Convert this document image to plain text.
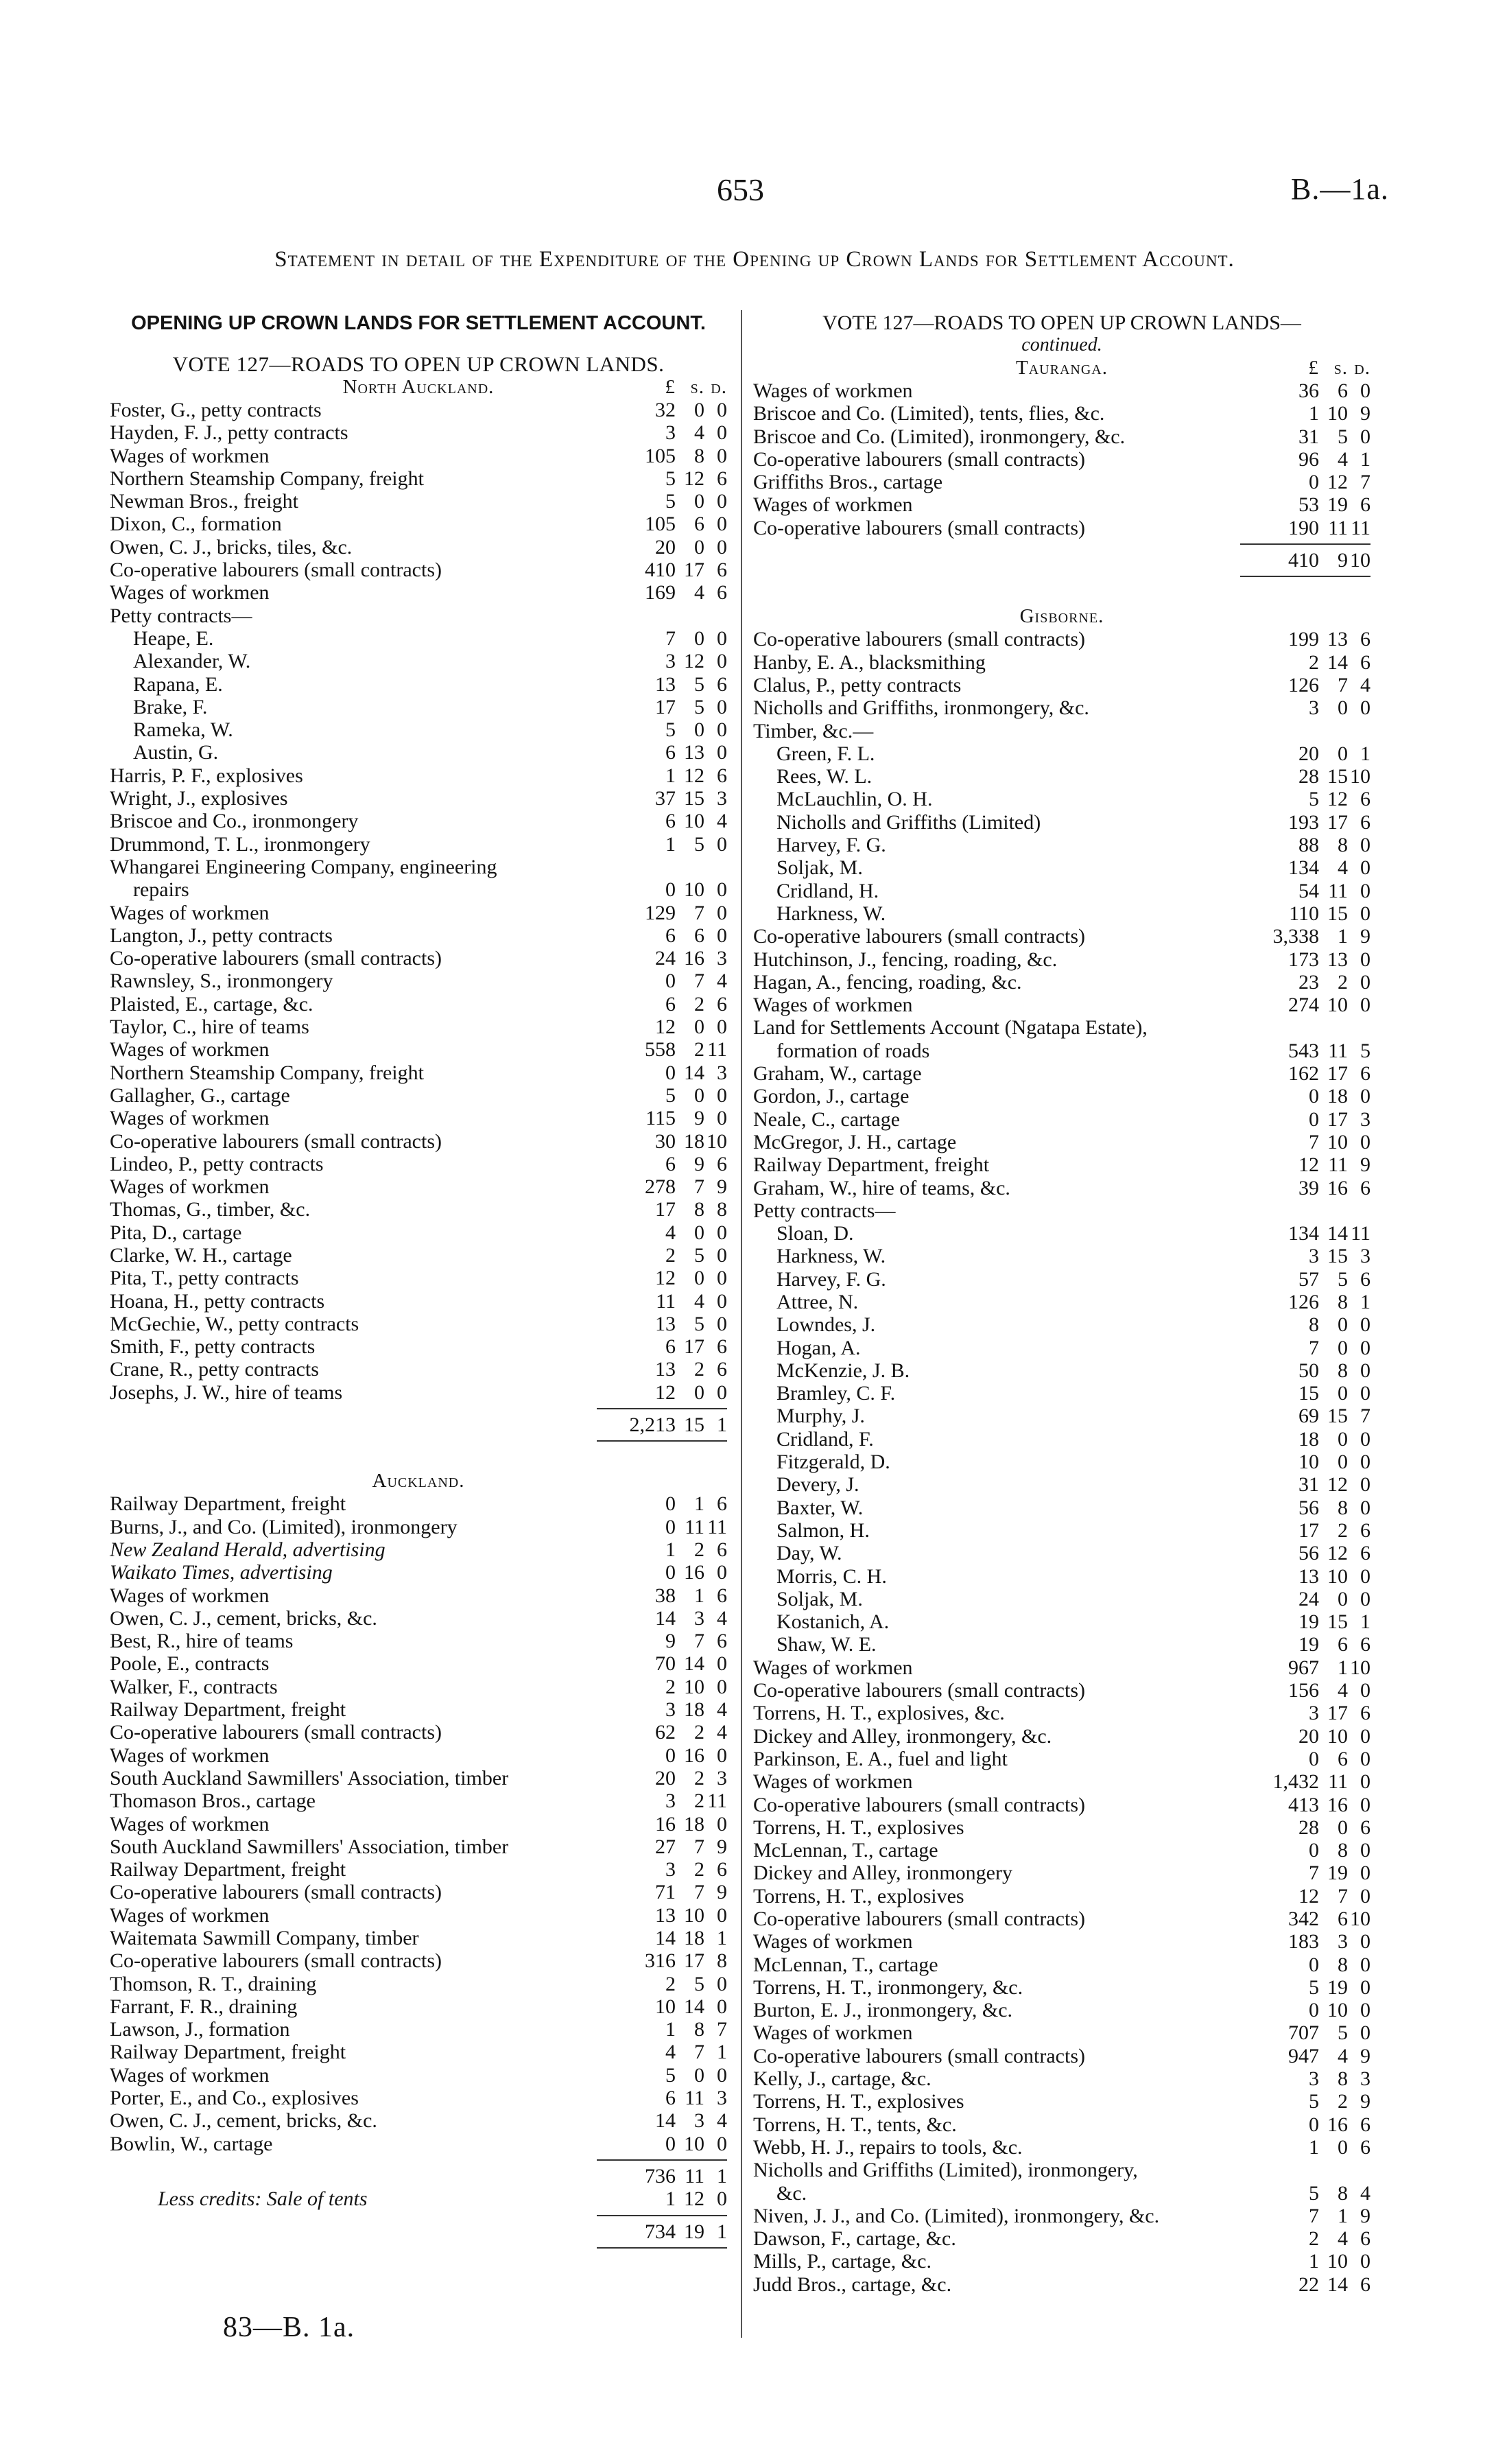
653	B.—1a.
Statement in detail of the Expenditure of the Opening up Crown Lands for Settlement Account.
OPENING UP CROWN LANDS FOR SETTLEMENT ACCOUNT.
VOTE 127—ROADS TO OPEN UP CROWN LANDS.
North Auckland.	£ s. d.
Foster, G., petty contracts	32 0 0
Hayden, F. J., petty contracts	3 4 0
Wages of workmen	105 8 0
Northern Steamship Company, freight	5 12 6
Newman Bros., freight	5 0 0
Dixon, C., formation	105 6 0
Owen, C. J., bricks, tiles, &c.	20 0 0
Co-operative labourers (small contracts)	410 17 6
Wages of workmen	169 4 6
Petty contracts—
Heape, E.	7 0 0
Alexander, W.	3 12 0
Rapana, E.	13 5 6
Brake, F.	17 5 0
Rameka, W.	5 0 0
Austin, G.	6 13 0
Harris, P. F., explosives	1 12 6
Wright, J., explosives	37 15 3
Briscoe and Co., ironmongery	6 10 4
Drummond, T. L., ironmongery	1 5 0
Whangarei Engineering Company, engineering
repairs	0 10 0
Wages of workmen	129 7 0
Langton, J., petty contracts	6 6 0
Co-operative labourers (small contracts)	24 16 3
Rawnsley, S., ironmongery	0 7 4
Plaisted, E., cartage, &c.	6 2 6
Taylor, C., hire of teams	12 0 0
Wages of workmen	558 2 11
Northern Steamship Company, freight	0 14 3
Gallagher, G., cartage	5 0 0
Wages of workmen	115 9 0
Co-operative labourers (small contracts)	30 18 10
Lindeo, P., petty contracts	6 9 6
Wages of workmen	278 7 9
Thomas, G., timber, &c.	17 8 8
Pita, D., cartage	4 0 0
Clarke, W. H., cartage	2 5 0
Pita, T., petty contracts	12 0 0
Hoana, H., petty contracts	11 4 0
McGechie, W., petty contracts	13 5 0
Smith, F., petty contracts	6 17 6
Crane, R., petty contracts	13 2 6
Josephs, J. W., hire of teams	12 0 0
2,213 15 1
Auckland.
Railway Department, freight	0 1 6
Burns, J., and Co. (Limited), ironmongery	0 11 11
New Zealand Herald, advertising	1 2 6
Waikato Times, advertising	0 16 0
Wages of workmen	38 1 6
Owen, C. J., cement, bricks, &c.	14 3 4
Best, R., hire of teams	9 7 6
Poole, E., contracts	70 14 0
Walker, F., contracts	2 10 0
Railway Department, freight	3 18 4
Co-operative labourers (small contracts)	62 2 4
Wages of workmen	0 16 0
South Auckland Sawmillers' Association, timber	20 2 3
Thomason Bros., cartage	3 2 11
Wages of workmen	16 18 0
South Auckland Sawmillers' Association, timber	27 7 9
Railway Department, freight	3 2 6
Co-operative labourers (small contracts)	71 7 9
Wages of workmen	13 10 0
Waitemata Sawmill Company, timber	14 18 1
Co-operative labourers (small contracts)	316 17 8
Thomson, R. T., draining	2 5 0
Farrant, F. R., draining	10 14 0
Lawson, J., formation	1 8 7
Railway Department, freight	4 7 1
Wages of workmen	5 0 0
Porter, E., and Co., explosives	6 11 3
Owen, C. J., cement, bricks, &c.	14 3 4
Bowlin, W., cartage	0 10 0
736 11 1
Less credits: Sale of tents	1 12 0
734 19 1
VOTE 127—ROADS TO OPEN UP CROWN LANDS—
continued.
Tauranga.	£ s. d.
Wages of workmen	36 6 0
Briscoe and Co. (Limited), tents, flies, &c.	1 10 9
Briscoe and Co. (Limited), ironmongery, &c.	31 5 0
Co-operative labourers (small contracts)	96 4 1
Griffiths Bros., cartage	0 12 7
Wages of workmen	53 19 6
Co-operative labourers (small contracts)	190 11 11
410 9 10
Gisborne.
Co-operative labourers (small contracts)	199 13 6
Hanby, E. A., blacksmithing	2 14 6
Clalus, P., petty contracts	126 7 4
Nicholls and Griffiths, ironmongery, &c.	3 0 0
Timber, &c.—
Green, F. L.	20 0 1
Rees, W. L.	28 15 10
McLauchlin, O. H.	5 12 6
Nicholls and Griffiths (Limited)	193 17 6
Harvey, F. G.	88 8 0
Soljak, M.	134 4 0
Cridland, H.	54 11 0
Harkness, W.	110 15 0
Co-operative labourers (small contracts)	3,338 1 9
Hutchinson, J., fencing, roading, &c.	173 13 0
Hagan, A., fencing, roading, &c.	23 2 0
Wages of workmen	274 10 0
Land for Settlements Account (Ngatapa Estate),
formation of roads	543 11 5
Graham, W., cartage	162 17 6
Gordon, J., cartage	0 18 0
Neale, C., cartage	0 17 3
McGregor, J. H., cartage	7 10 0
Railway Department, freight	12 11 9
Graham, W., hire of teams, &c.	39 16 6
Petty contracts—
Sloan, D.	134 14 11
Harkness, W.	3 15 3
Harvey, F. G.	57 5 6
Attree, N.	126 8 1
Lowndes, J.	8 0 0
Hogan, A.	7 0 0
McKenzie, J. B.	50 8 0
Bramley, C. F.	15 0 0
Murphy, J.	69 15 7
Cridland, F.	18 0 0
Fitzgerald, D.	10 0 0
Devery, J.	31 12 0
Baxter, W.	56 8 0
Salmon, H.	17 2 6
Day, W.	56 12 6
Morris, C. H.	13 10 0
Soljak, M.	24 0 0
Kostanich, A.	19 15 1
Shaw, W. E.	19 6 6
Wages of workmen	967 1 10
Co-operative labourers (small contracts)	156 4 0
Torrens, H. T., explosives, &c.	3 17 6
Dickey and Alley, ironmongery, &c.	20 10 0
Parkinson, E. A., fuel and light	0 6 0
Wages of workmen	1,432 11 0
Co-operative labourers (small contracts)	413 16 0
Torrens, H. T., explosives	28 0 6
McLennan, T., cartage	0 8 0
Dickey and Alley, ironmongery	7 19 0
Torrens, H. T., explosives	12 7 0
Co-operative labourers (small contracts)	342 6 10
Wages of workmen	183 3 0
McLennan, T., cartage	0 8 0
Torrens, H. T., ironmongery, &c.	5 19 0
Burton, E. J., ironmongery, &c.	0 10 0
Wages of workmen	707 5 0
Co-operative labourers (small contracts)	947 4 9
Kelly, J., cartage, &c.	3 8 3
Torrens, H. T., explosives	5 2 9
Torrens, H. T., tents, &c.	0 16 6
Webb, H. J., repairs to tools, &c.	1 0 6
Nicholls and Griffiths (Limited), ironmongery,
&c.	5 8 4
Niven, J. J., and Co. (Limited), ironmongery, &c.	7 1 9
Dawson, F., cartage, &c.	2 4 6
Mills, P., cartage, &c.	1 10 0
Judd Bros., cartage, &c.	22 14 6
83—B. 1a.
